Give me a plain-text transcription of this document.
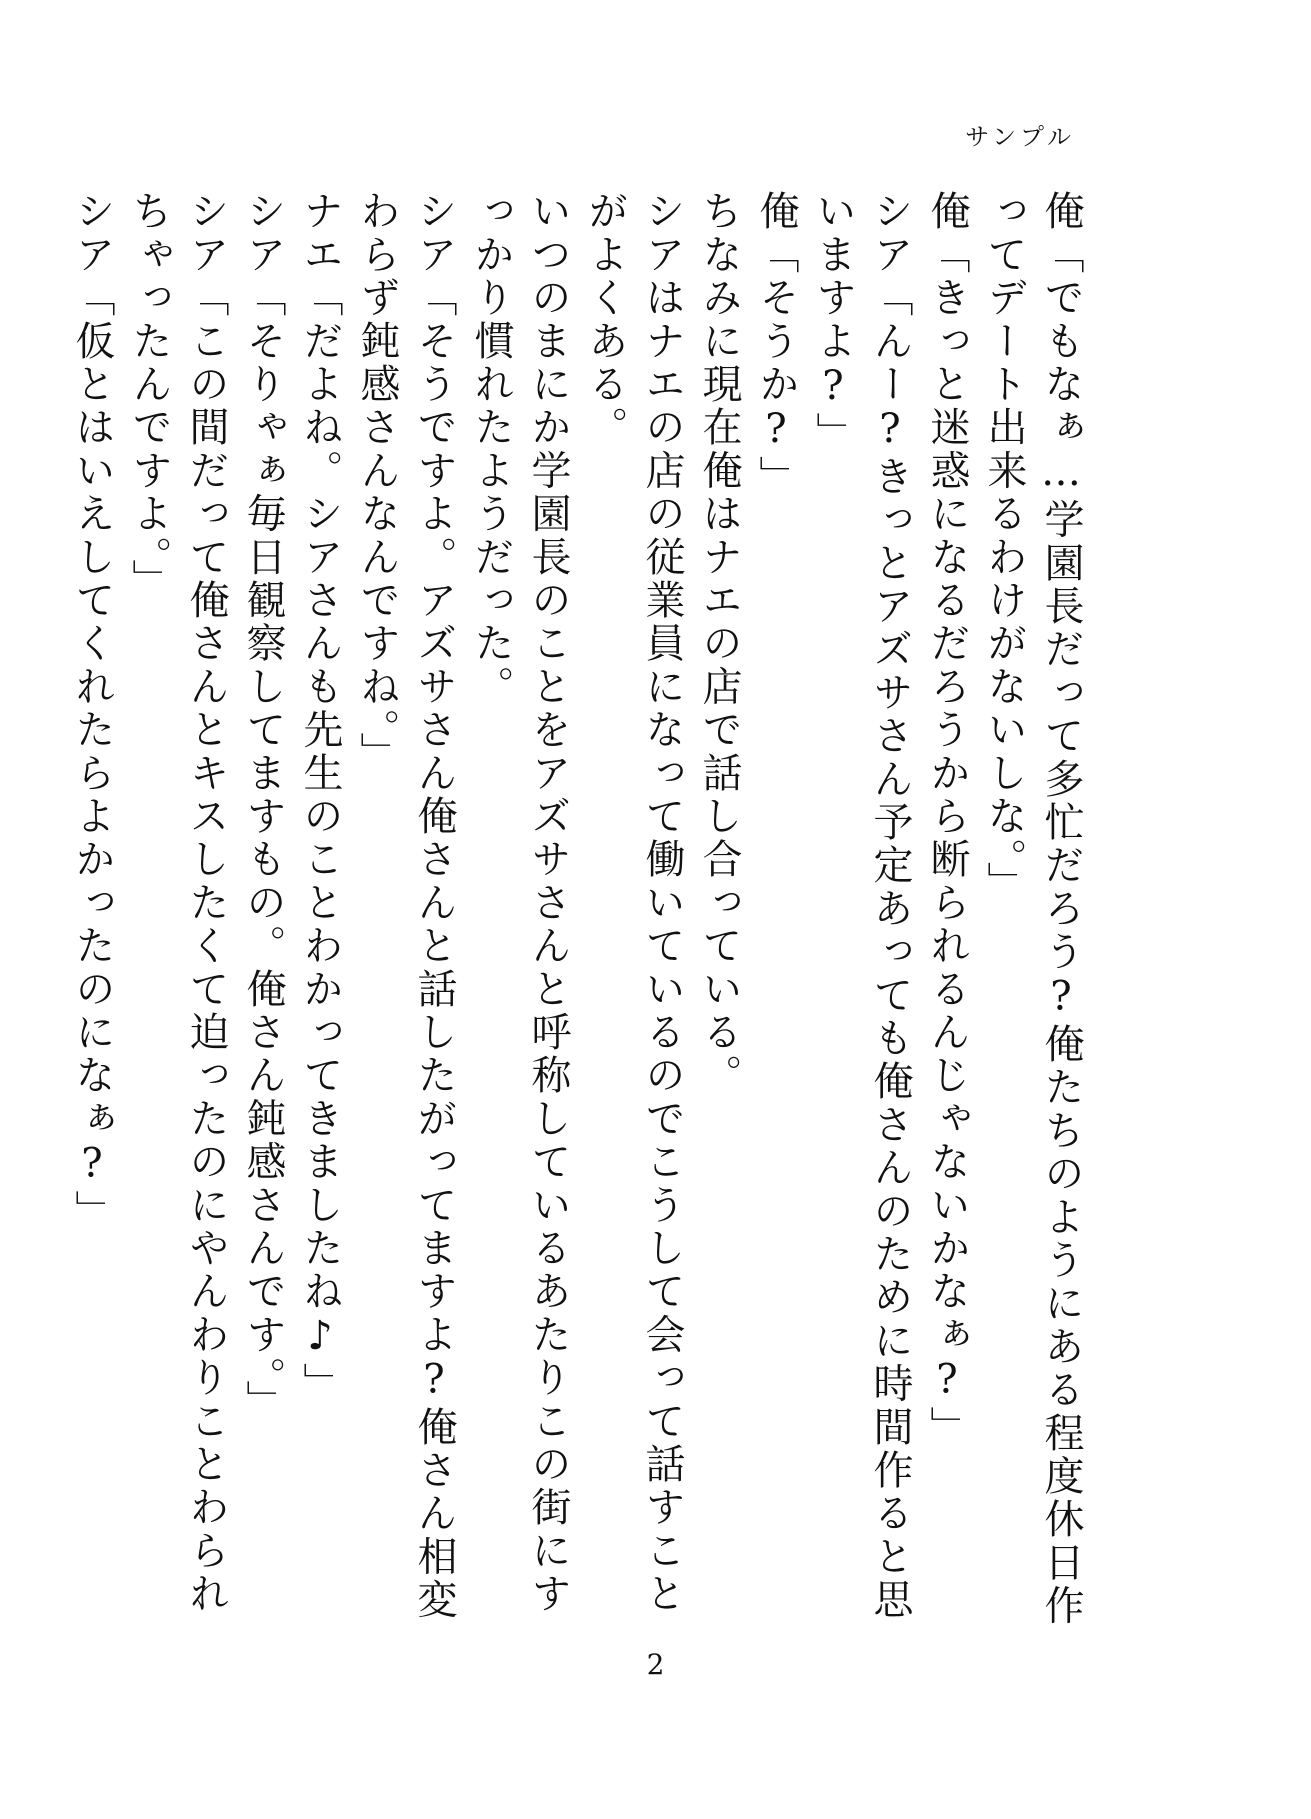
サンプル

俺「でもなぁ…学園長だって多忙だろう?俺たちのようにある程度休日作ってデート出来るわけがないしな。」

俺「きっと迷惑になるだろうから断られるんじゃないかなぁ?」

シア「んー?きっとアズサさん予定あっても俺さんのために時間作ると思いますよ?」

俺「そうか?」

ちなみに現在俺はナエの店で話し合っている。

シアはナエの店の従業員になって働いているのでこうして会って話すことがよくある。

いつのまにか学園長のことをアズサさんと呼称しているあたりこの街にすっかり慣れたようだった。

シア「そうですよ。アズサさん俺さんと話したがってますよ?俺さん相変わらず鈍感さんなんですね。」

ナエ「だよね。シアさんも先生のことわかってきましたね♪」

シア「そりゃぁ毎日観察してますもの。俺さん鈍感さんです。」

シア「この間だって俺さんとキスしたくて迫ったのにやんわりことわられちゃったんですよ。」

シア「仮とはいえしてくれたらよかったのになぁ?」

2
